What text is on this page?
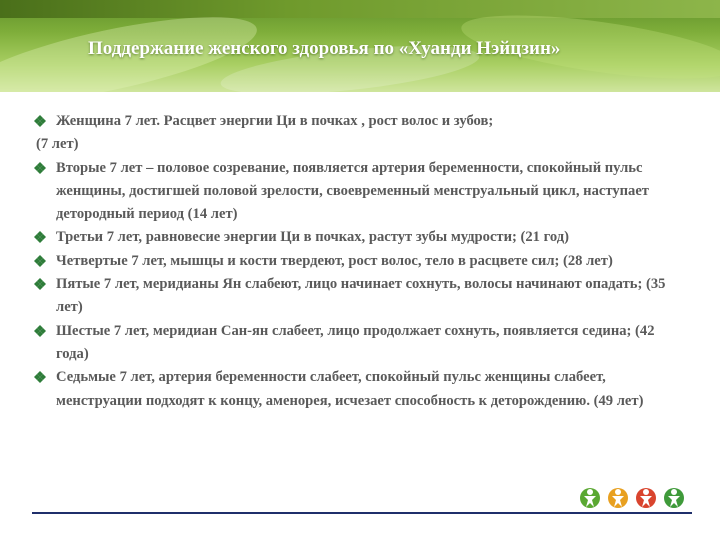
Поддержание женского здоровья по «Хуанди Нэйцзин»

Женщина 7 лет. Расцвет энергии Ци в почках , рост волос и зубов;

(7 лет)

Вторые 7 лет – половое созревание, появляется артерия беременности, спокойный пульс женщины, достигшей половой зрелости, своевременный менструальный цикл, наступает детородный период (14 лет)

Третьи 7 лет, равновесие энергии Ци в почках, растут зубы мудрости; (21 год)

Четвертые 7 лет, мышцы и кости твердеют, рост волос, тело в расцвете сил; (28 лет)

Пятые 7 лет, меридианы Ян слабеют, лицо начинает сохнуть, волосы начинают опадать; (35 лет)

Шестые 7 лет, меридиан Сан-ян слабеет, лицо продолжает сохнуть, появляется седина; (42 года)

Седьмые 7 лет, артерия беременности слабеет, спокойный пульс женщины слабеет, менструации подходят к концу, аменорея, исчезает способность к деторождению. (49 лет)
